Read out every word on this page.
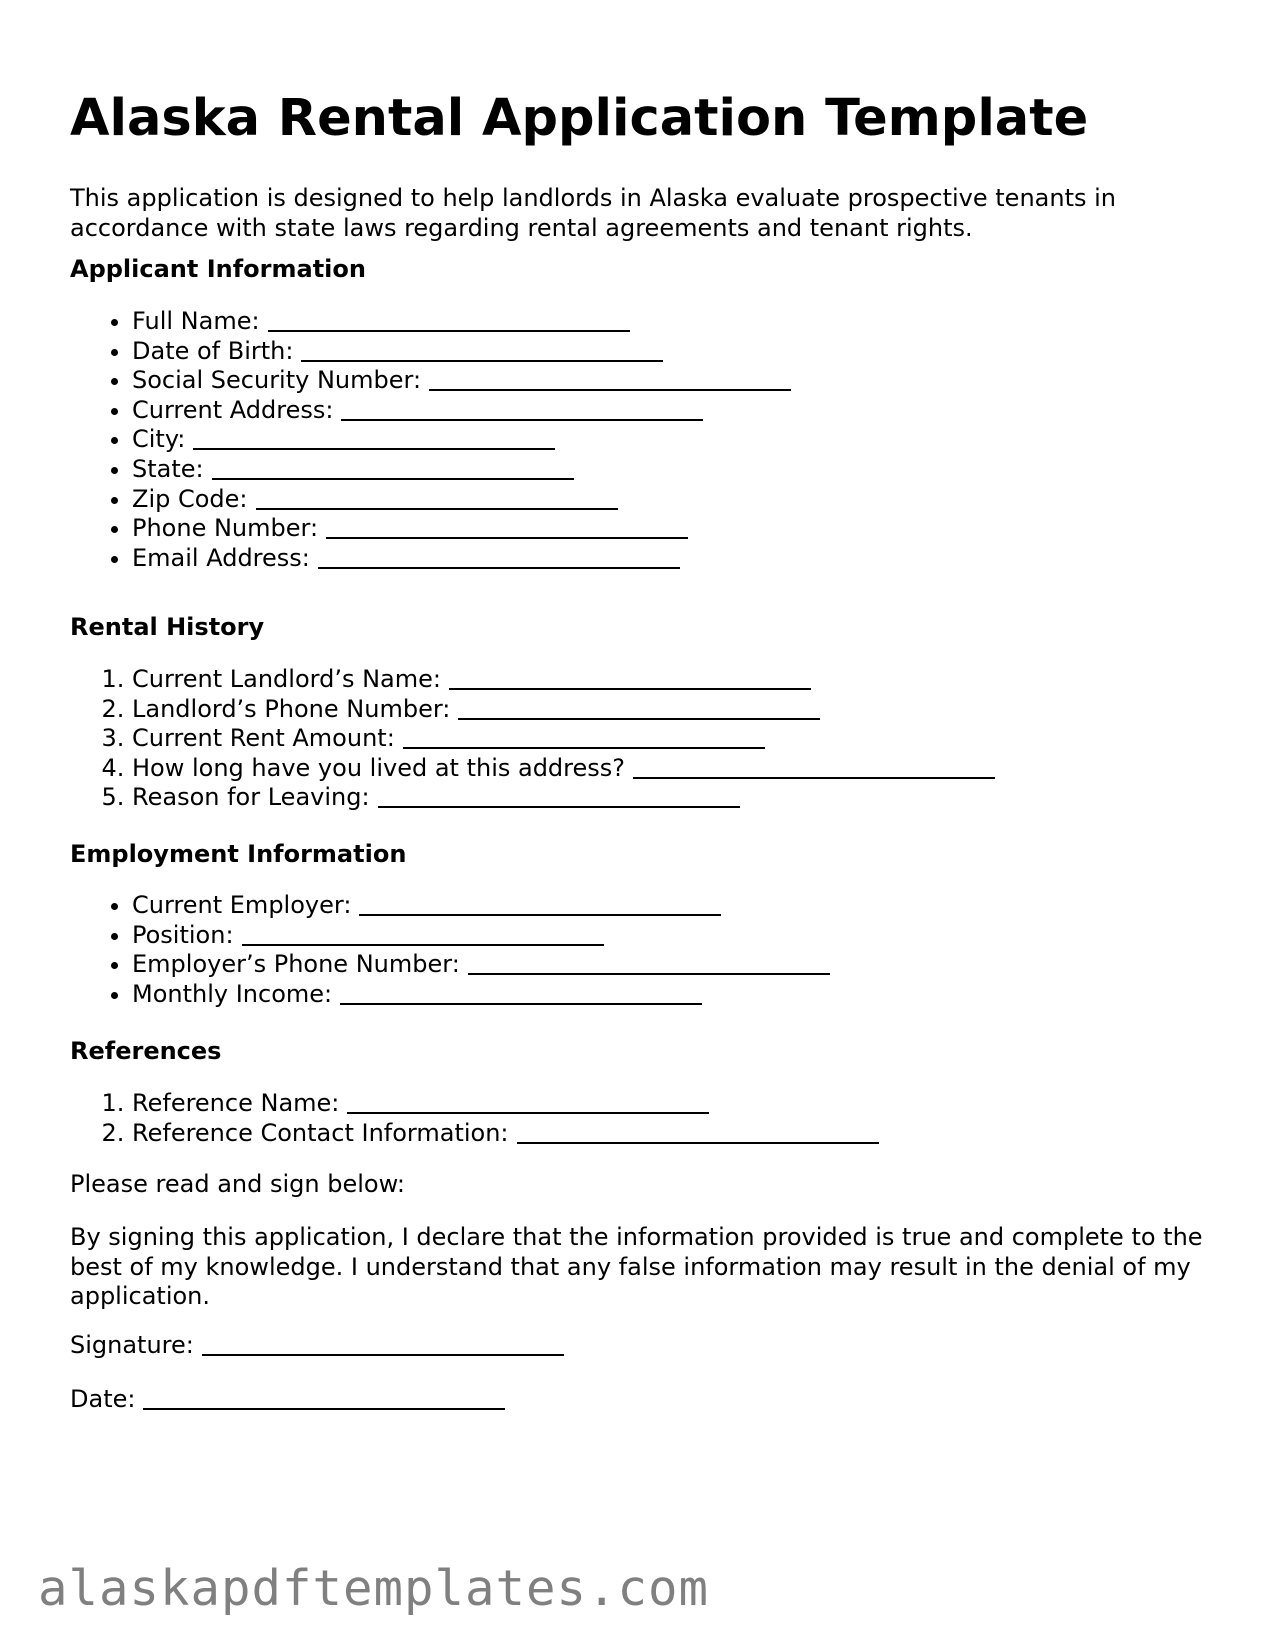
Alaska Rental Application Template

This application is designed to help landlords in Alaska evaluate prospective tenants in accordance with state laws regarding rental agreements and tenant rights.

Applicant Information
• Full Name:
• Date of Birth:
• Social Security Number:
• Current Address:
• City:
• State:
• Zip Code:
• Phone Number:
• Email Address:
Rental History
1. Current Landlord’s Name:
2. Landlord’s Phone Number:
3. Current Rent Amount:
4. How long have you lived at this address?
5. Reason for Leaving:
Employment Information
• Current Employer:
• Position:
• Employer’s Phone Number:
• Monthly Income:
References
1. Reference Name:
2. Reference Contact Information:

Please read and sign below:

By signing this application, I declare that the information provided is true and complete to the best of my knowledge. I understand that any false information may result in the denial of my application.

Signature:

Date:

alaskapdftemplates.com
